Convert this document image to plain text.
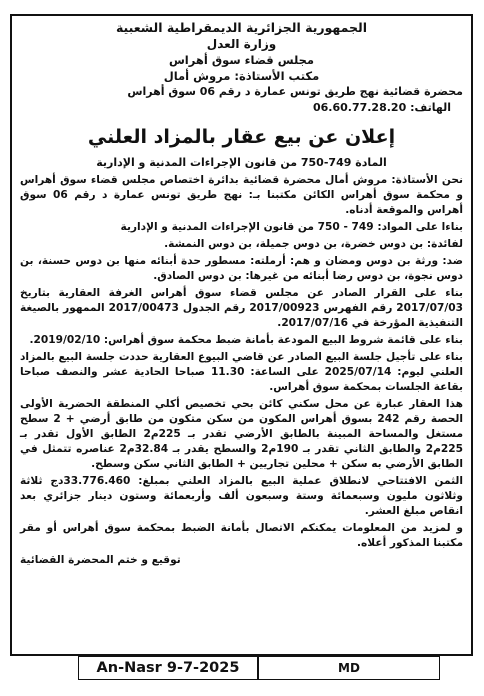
الجمهورية الجزائرية الديمقراطية الشعبية
وزارة العدل
مجلس قضاء سوق أهراس
مكتب الأستاذة: مروش أمال
محضرة قضائية نهج طريق تونس عمارة د رقم 06 سوق أهراس
الهاتف: 06.60.77.28.20
إعلان عن بيع عقار بالمزاد العلني
المادة 749-750 من قانون الإجراءات المدنية و الإدارية

نحن الأستاذة: مروش أمال محضرة قضائية بدائرة اختصاص مجلس قضاء سوق أهراس و محكمة سوق أهراس الكائن مكتبنا بـ: نهج طريق تونس عمارة د رقم 06 سوق أهراس والموقعة أدناه.

بناءا على المواد: 749 - 750 من قانون الإجراءات المدنية و الإدارية

لفائدة: بن دوس خضرة، بن دوس جميلة، بن دوس النمشة.

ضد: ورثة بن دوس ومضان و هم: أرملته: مسطور حدة أبنائه منها بن دوس حسنة، بن دوس نجوة، بن دوس رضا أبنائه من غيرها: بن دوس الصادق.

بناء على القرار الصادر عن مجلس قضاء سوق أهراس الغرفة العقارية بتاريخ 2017/07/03 رقم الفهرس 2017/00923 رقم الجدول 2017/00473 الممهور بالصيغة التنفيذية المؤرخة في 2017/07/16.

بناء على قائمة شروط البيع المودعة بأمانة ضبط محكمة سوق أهراس: 2019/02/10.

بناء على تأجيل جلسة البيع الصادر عن قاضي البيوع العقارية حددت جلسة البيع بالمزاد العلني ليوم: 2025/07/14 على الساعة: 11.30 صباحا الحادية عشر والنصف صباحا بقاعة الجلسات بمحكمة سوق أهراس.

هذا العقار عبارة عن محل سكني كائن بحي تخصيص أكلي المنطقة الحضرية الأولى الحصة رقم 242 بسوق أهراس المكون من سكن متكون من طابق أرضي + 2 سطح مستغل والمساحة المبينة بالطابق الأرضي تقدر بـ 225م2 الطابق الأول تقدر بـ 225م2 والطابق الثاني تقدر بـ 190م2 والسطح يقدر بـ 32.84م2 عناصره تتمثل في الطابق الأرضي به سكن + محلين تجاريين + الطابق الثاني سكن وسطح.

الثمن الافتتاحي لانطلاق عملية البيع بالمزاد العلني بمبلغ: 33.776.460دج ثلاثة وثلاثون مليون وسبعمائة وستة وسبعون ألف وأربعمائة وستون دينار جزائري بعد انقاص مبلغ العشر.

و لمزيد من المعلومات يمكنكم الاتصال بأمانة الضبط بمحكمة سوق أهراس أو مقر مكتبنا المذكور أعلاه.

توقيع و ختم المحضرة القضائية
An-Nasr 9-7-2025	MD
